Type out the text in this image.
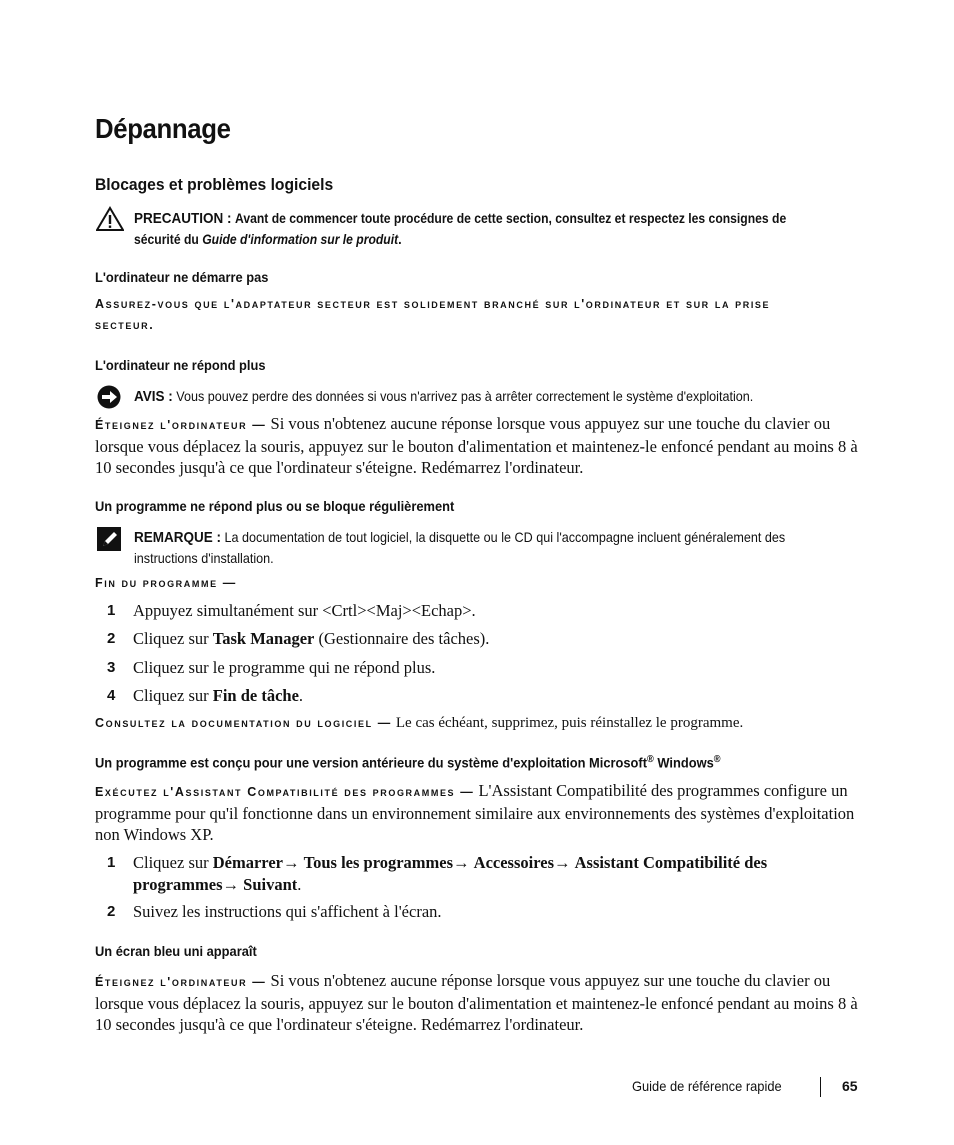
Dépannage
Blocages et problèmes logiciels
PRECAUTION : Avant de commencer toute procédure de cette section, consultez et respectez les consignes de sécurité du Guide d'information sur le produit.
L'ordinateur ne démarre pas
Assurez-vous que l'adaptateur secteur est solidement branché sur l'ordinateur et sur la prise
secteur.
L'ordinateur ne répond plus
AVIS : Vous pouvez perdre des données si vous n'arrivez pas à arrêter correctement le système d'exploitation.
Éteignez l'ordinateur — Si vous n'obtenez aucune réponse lorsque vous appuyez sur une touche du clavier ou lorsque vous déplacez la souris, appuyez sur le bouton d'alimentation et maintenez-le enfoncé pendant au moins 8 à 10 secondes jusqu'à ce que l'ordinateur s'éteigne. Redémarrez l'ordinateur.
Un programme ne répond plus ou se bloque régulièrement
REMARQUE : La documentation de tout logiciel, la disquette ou le CD qui l'accompagne incluent généralement des instructions d'installation.
Fin du programme —
1 Appuyez simultanément sur <Crtl><Maj><Echap>.
2 Cliquez sur Task Manager (Gestionnaire des tâches).
3 Cliquez sur le programme qui ne répond plus.
4 Cliquez sur Fin de tâche.
Consultez la documentation du logiciel — Le cas échéant, supprimez, puis réinstallez le programme.
Un programme est conçu pour une version antérieure du système d'exploitation Microsoft® Windows®
Exécutez l'Assistant Compatibilité des programmes — L'Assistant Compatibilité des programmes configure un programme pour qu'il fonctionne dans un environnement similaire aux environnements des systèmes d'exploitation non Windows XP.
1 Cliquez sur Démarrer→ Tous les programmes→ Accessoires→ Assistant Compatibilité des programmes→ Suivant.
2 Suivez les instructions qui s'affichent à l'écran.
Un écran bleu uni apparaît
Éteignez l'ordinateur — Si vous n'obtenez aucune réponse lorsque vous appuyez sur une touche du clavier ou lorsque vous déplacez la souris, appuyez sur le bouton d'alimentation et maintenez-le enfoncé pendant au moins 8 à 10 secondes jusqu'à ce que l'ordinateur s'éteigne. Redémarrez l'ordinateur.
Guide de référence rapide	65
